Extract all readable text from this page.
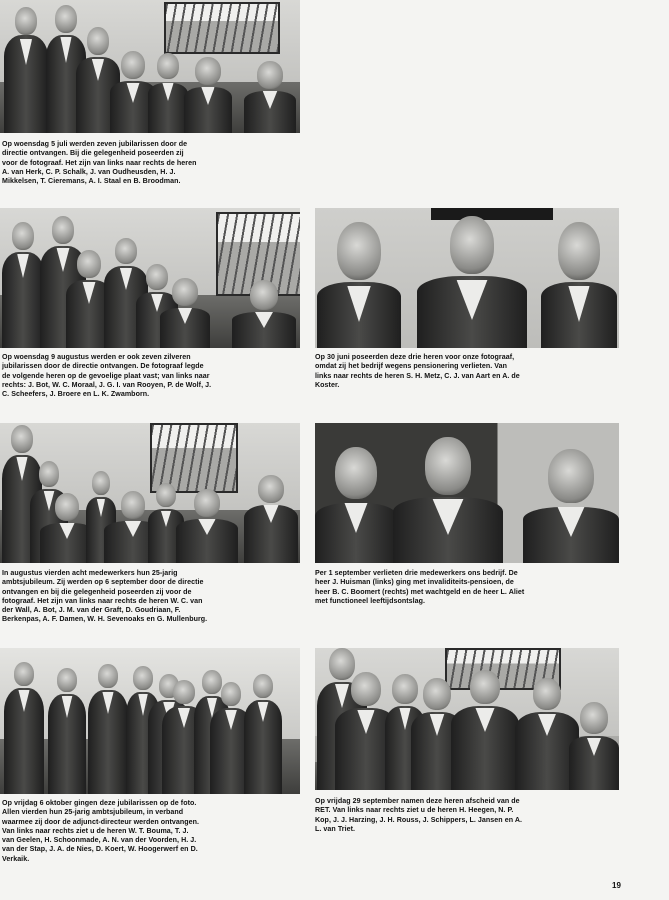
Op woensdag 5 juli werden zeven jubilarissen door de directie ontvangen. Bij die gelegenheid poseerden zij voor de fotograaf. Het zijn van links naar rechts de heren A. van Herk, C. P. Schalk, J. van Oudheusden, H. J. Mikkelsen, T. Cieremans, A. I. Staal en B. Broodman.

Op woensdag 9 augustus werden er ook zeven zilveren jubilarissen door de directie ontvangen. De fotograaf legde de volgende heren op de gevoelige plaat vast; van links naar rechts: J. Bot, W. C. Moraal, J. G. I. van Rooyen, P. de Wolf, J. C. Scheefers, J. Broere en L. K. Zwamborn.

Op 30 juni poseerden deze drie heren voor onze fotograaf, omdat zij het bedrijf wegens pensionering verlieten. Van links naar rechts de heren S. H. Metz, C. J. van Aart en A. de Koster.

In augustus vierden acht medewerkers hun 25-jarig ambtsjubileum. Zij werden op 6 september door de directie ontvangen en bij die gelegenheid poseerden zij voor de fotograaf. Het zijn van links naar rechts de heren W. C. van der Wall, A. Bot, J. M. van der Graft, D. Goudriaan, F. Berkenpas, A. F. Damen, W. H. Sevenoaks en G. Mullenburg.

Per 1 september verlieten drie medewerkers ons bedrijf. De heer J. Huisman (links) ging met invaliditeits-pensioen, de heer B. C. Boomert (rechts) met wachtgeld en de heer L. Aliet met functioneel leeftijdsontslag.

Op vrijdag 6 oktober gingen deze jubilarissen op de foto. Allen vierden hun 25-jarig ambtsjubileum, in verband waarmee zij door de adjunct-directeur werden ontvangen. Van links naar rechts ziet u de heren W. T. Bouma, T. J. van Geelen, H. Schoonmade, A. N. van der Voorden, H. J. van der Stap, J. A. de Nies, D. Koert, W. Hoogerwerf en D. Verkaik.

Op vrijdag 29 september namen deze heren afscheid van de RET. Van links naar rechts ziet u de heren H. Heegen, N. P. Kop, J. J. Harzing, J. H. Rouss, J. Schippers, L. Jansen en A. L. van Triet.

19
